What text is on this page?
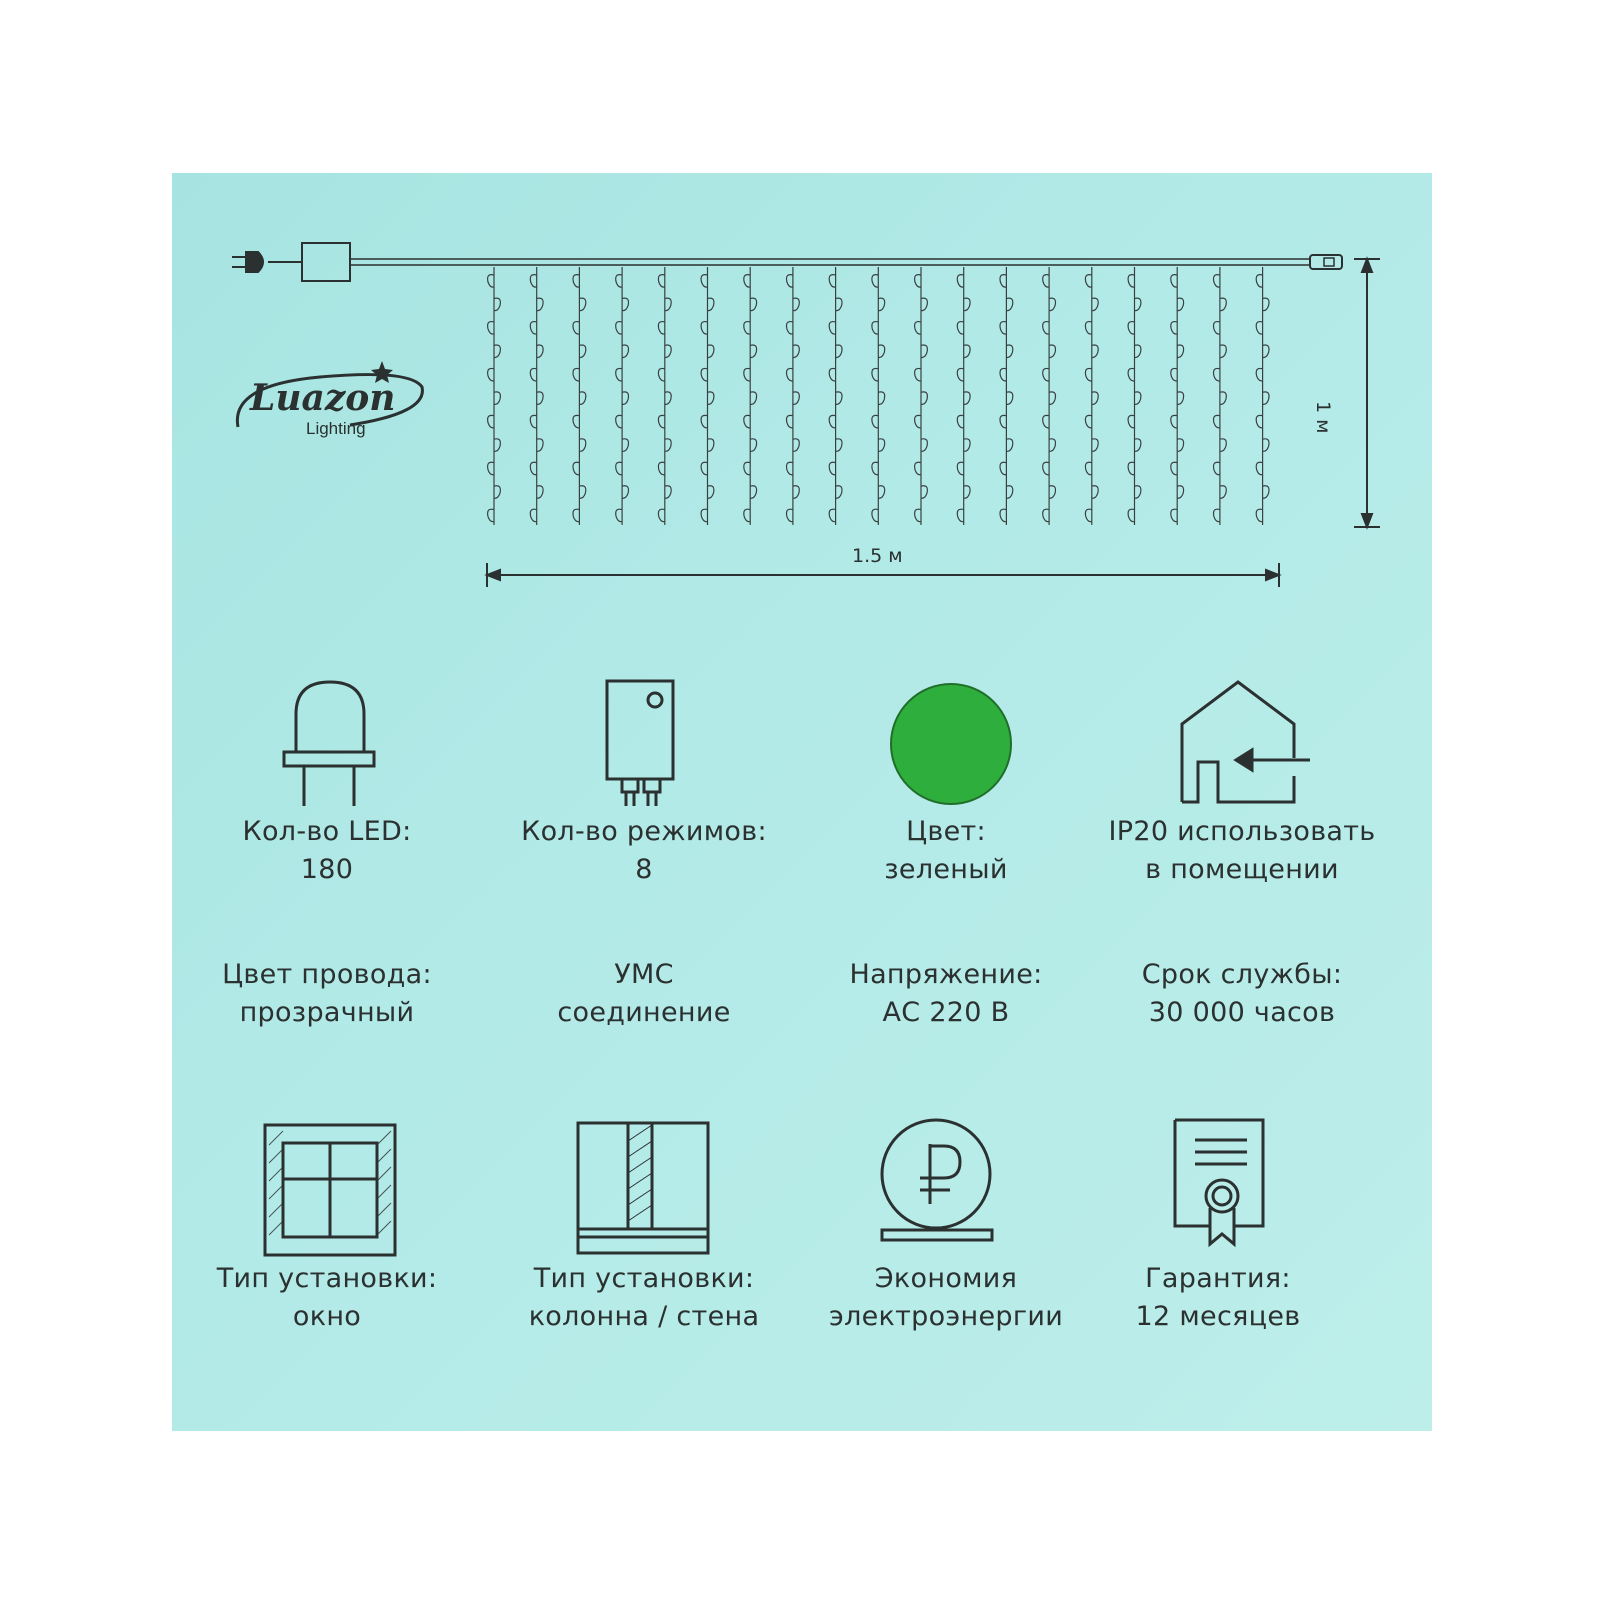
1.5 м
1 м
Luazon
Lighting
Кол-во LED:
180
Кол-во режимов:
8
Цвет:
зеленый
IP20 использовать
в помещении
Цвет провода:
прозрачный
УМС
соединение
Напряжение:
АС 220 В
Срок службы:
30 000 часов
Тип установки:
окно
Тип установки:
колонна / стена
Экономия
электроэнергии
Гарантия:
12 месяцев
